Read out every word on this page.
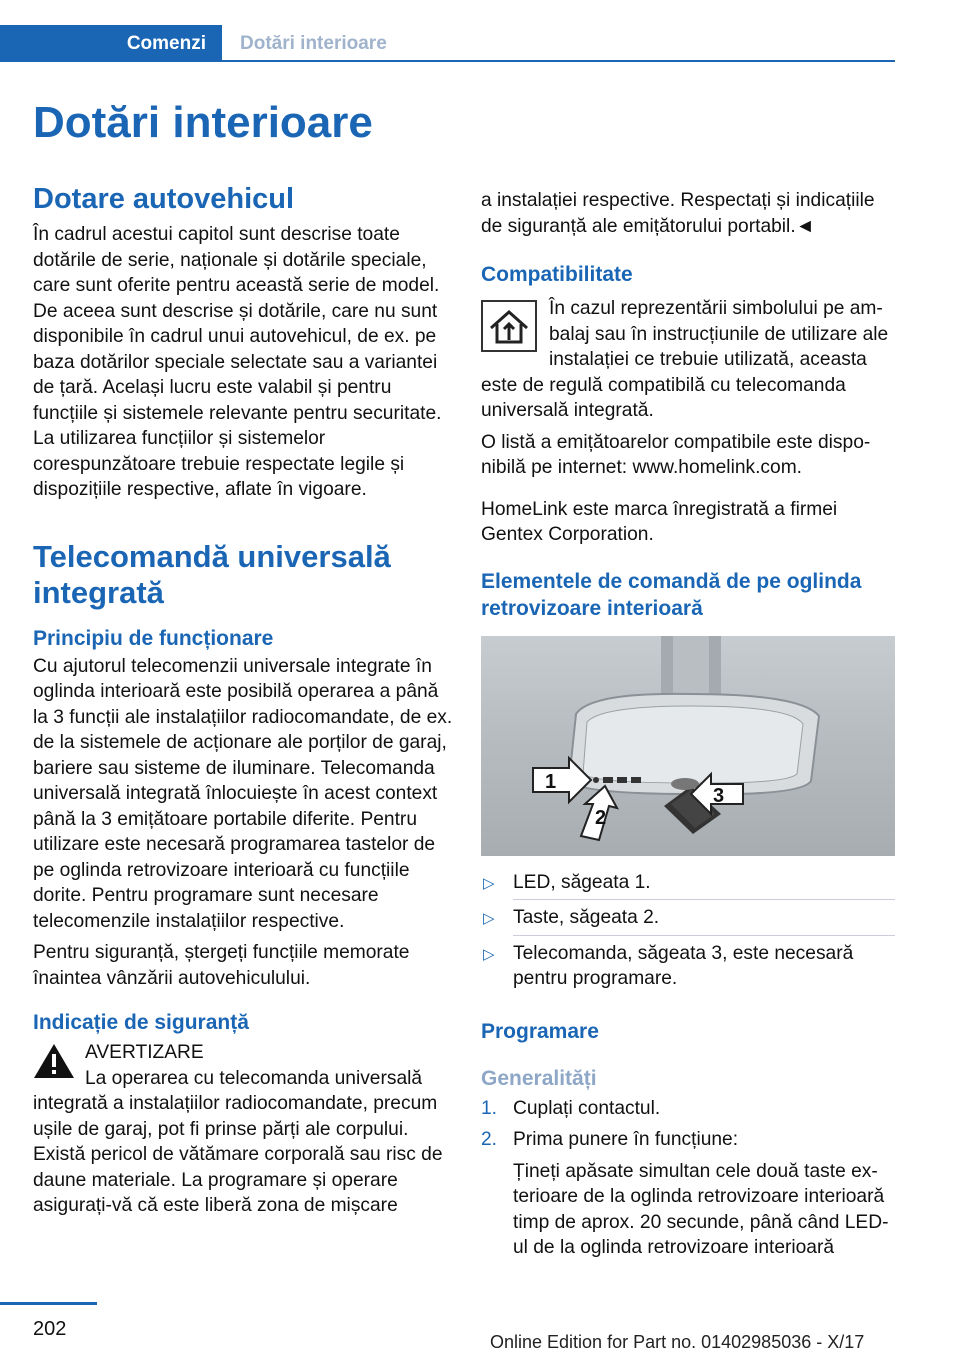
Comenzi Dotări interioare
Dotări interioare
Dotare autovehicul

În cadrul acestui capitol sunt descrise toate dotările de serie, naționale și dotările speciale, care sunt oferite pentru această serie de model. De aceea sunt descrise și dotările, care nu sunt disponibile în cadrul unui autovehicul, de ex. pe baza dotărilor speciale selectate sau a variantei de țară. Același lucru este valabil și pentru funcțiile și sistemele relevante pentru securitate. La utilizarea funcțiilor și sistemelor corespunzătoare trebuie respectate legile și dispozițiile respective, aflate în vigoare.

Telecomandă universală integrată
Principiu de funcționare

Cu ajutorul telecomenzii universale integrate în oglinda interioară este posibilă operarea a până la 3 funcții ale instalațiilor radiocomandate, de ex. de la sistemele de acționare ale porților de garaj, bariere sau sisteme de iluminare. Telecomanda universală integrată înlocuiește în acest context până la 3 emițătoare portabile diferite. Pentru utilizare este necesară programarea tastelor de pe oglinda retrovizoare interioară cu funcțiile dorite. Pentru programare sunt necesare telecomenzile instalațiilor respective.

Pentru siguranță, ștergeți funcțiile memorate înaintea vânzării autovehiculului.

Indicație de siguranță
AVERTIZARE

La operarea cu telecomanda universală integrată a instalațiilor radiocomandate, precum ușile de garaj, pot fi prinse părți ale corpului. Există pericol de vătămare corporală sau risc de daune materiale. La programare și operare asigurați-vă că este liberă zona de mișcare

a instalației respective. Respectați și indicațiile de siguranță ale emițătorului portabil.◄

Compatibilitate

În cazul reprezentării simbolului pe ambalaj sau în instrucțiunile de utilizare ale instalației ce trebuie utilizată, aceasta este de regulă compatibilă cu telecomanda universală integrată.

O listă a emițătoarelor compatibile este disponibilă pe internet: www.homelink.com.

HomeLink este marca înregistrată a firmei Gentex Corporation.

Elementele de comandă de pe oglinda retrovizoare interioară
1
2
3
▷ LED, săgeata 1.
▷ Taste, săgeata 2.
▷ Telecomanda, săgeata 3, este necesară pentru programare.
Programare
Generalități
1. Cuplați contactul.
2. Prima punere în funcțiune:

Țineți apăsate simultan cele două taste exterioare de la oglinda retrovizoare interioară timp de aprox. 20 secunde, până când LED-ul de la oglinda retrovizoare interioară

202
Online Edition for Part no. 01402985036 - X/17
